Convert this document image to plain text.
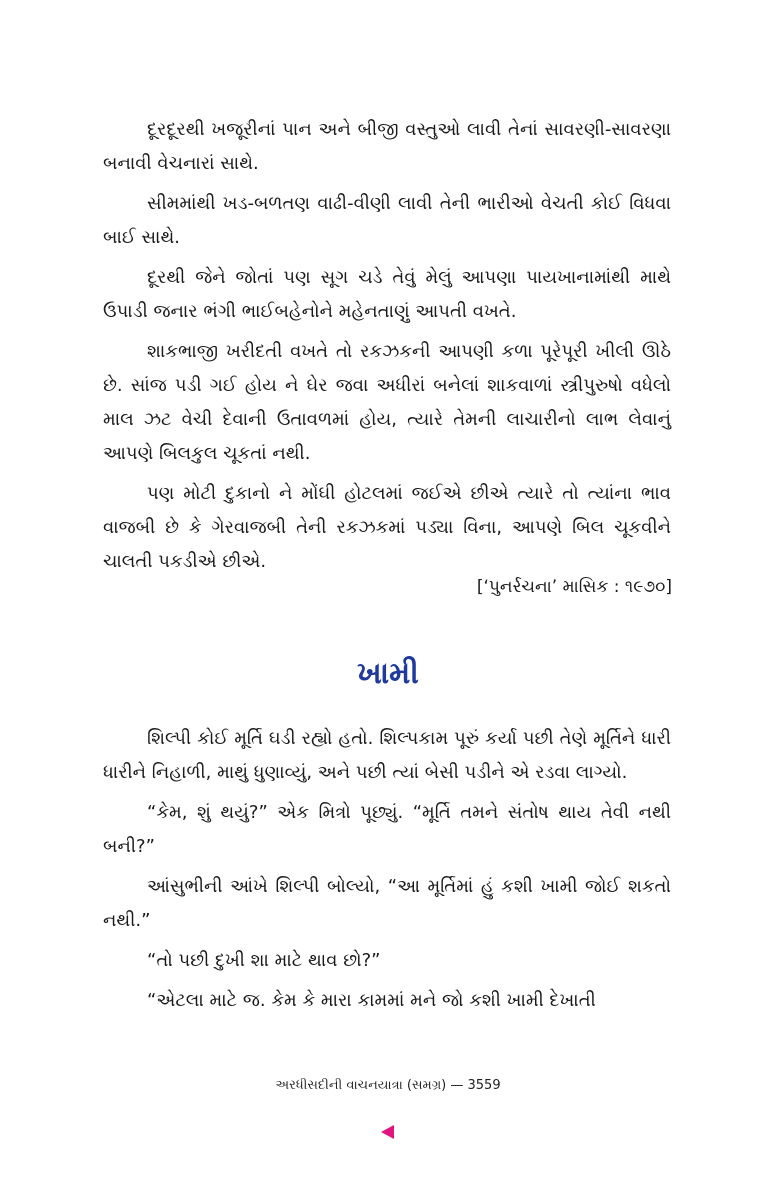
દૂરદૂરથી ખજૂરીનાં પાન અને બીજી વસ્તુઓ લાવી તેનાં સાવરણી-સાવરણા બનાવી વેચનારાં સાથે.

સીમમાંથી ખડ-બળતણ વાઢી-વીણી લાવી તેની ભારીઓ વેચતી કોઈ વિધવા બાઈ સાથે.

દૂરથી જેને જોતાં પણ સૂગ ચડે તેવું મેલું આપણા પાયખાનામાંથી માથે ઉપાડી જનાર ભંગી ભાઈબહેનોને મહેનતાણું આપતી વખતે.

શાકભાજી ખરીદતી વખતે તો રકઝકની આપણી કળા પૂરેપૂરી ખીલી ઊઠે છે. સાંજ પડી ગઈ હોય ને ઘેર જવા અધીરાં બનેલાં શાકવાળાં સ્ત્રીપુરુષો વધેલો માલ ઝટ વેચી દેવાની ઉતાવળમાં હોય, ત્યારે તેમની લાચારીનો લાભ લેવાનું આપણે બિલકુલ ચૂકતાં નથી.

પણ મોટી દુકાનો ને મોંઘી હોટલમાં જઈએ છીએ ત્યારે તો ત્યાંના ભાવ વાજબી છે કે ગેરવાજબી તેની રકઝકમાં પડ્યા વિના, આપણે બિલ ચૂકવીને ચાલતી પકડીએ છીએ.

[‘પુનર્રચના’ માસિક : ૧૯૭૦]
ખામી

શિલ્પી કોઈ મૂર્તિ ઘડી રહ્યો હતો. શિલ્પકામ પૂરું કર્યા પછી તેણે મૂર્તિને ધારી ધારીને નિહાળી, માથું ધુણાવ્યું, અને પછી ત્યાં બેસી પડીને એ રડવા લાગ્યો.

“કેમ, શું થયું?” એક મિત્રો પૂછ્યું. “મૂર્તિ તમને સંતોષ થાય તેવી નથી બની?”

આંસુભીની આંખે શિલ્પી બોલ્યો, “આ મૂર્તિમાં હું કશી ખામી જોઈ શકતો નથી.”

“તો પછી દુખી શા માટે થાવ છો?”

“એટલા માટે જ. કેમ કે મારા કામમાં મને જો કશી ખામી દેખાતી

અરધીસદીની વાચનયાત્રા (સમગ્ર) — 3559
